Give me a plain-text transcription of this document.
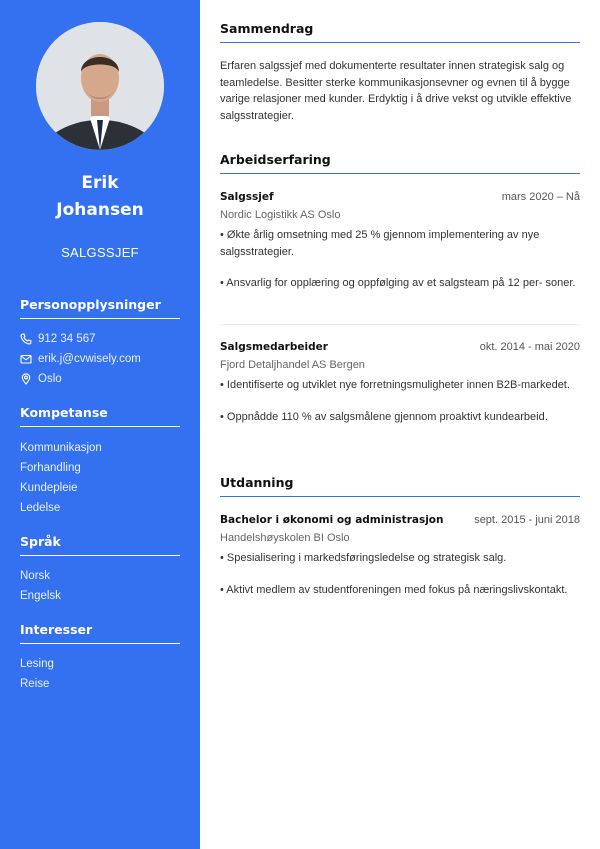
Erik
Johansen
SALGSSJEF
Personopplysninger
912 34 567
erik.j@cvwisely.com
Oslo
Kompetanse
Kommunikasjon
Forhandling
Kundepleie
Ledelse
Språk
Norsk
Engelsk
Interesser
Lesing
Reise
Sammendrag

Erfaren salgssjef med dokumenterte resultater innen strategisk salg og teamledelse. Besitter sterke kommunikasjonsevner og evnen til å bygge varige relasjoner med kunder. Erdyktig i å drive vekst og utvikle effektive salgsstrategier.

Arbeidserfaring
Salgssjef	mars 2020 – Nå
Nordic Logistikk AS Oslo
• Økte årlig omsetning med 25 % gjennom implementering av nye salgsstrategier.
• Ansvarlig for opplæring og oppfølging av et salgsteam på 12 per- soner.
Salgsmedarbeider	okt. 2014 - mai 2020
Fjord Detaljhandel AS Bergen
• Identifiserte og utviklet nye forretningsmuligheter innen B2B-markedet.
• Oppnådde 110 % av salgsmålene gjennom proaktivt kundearbeid.
Utdanning
Bachelor i økonomi og administrasjon	sept. 2015 - juni 2018
Handelshøyskolen BI Oslo
• Spesialisering i markedsføringsledelse og strategisk salg.
• Aktivt medlem av studentforeningen med fokus på næringslivskontakt.
